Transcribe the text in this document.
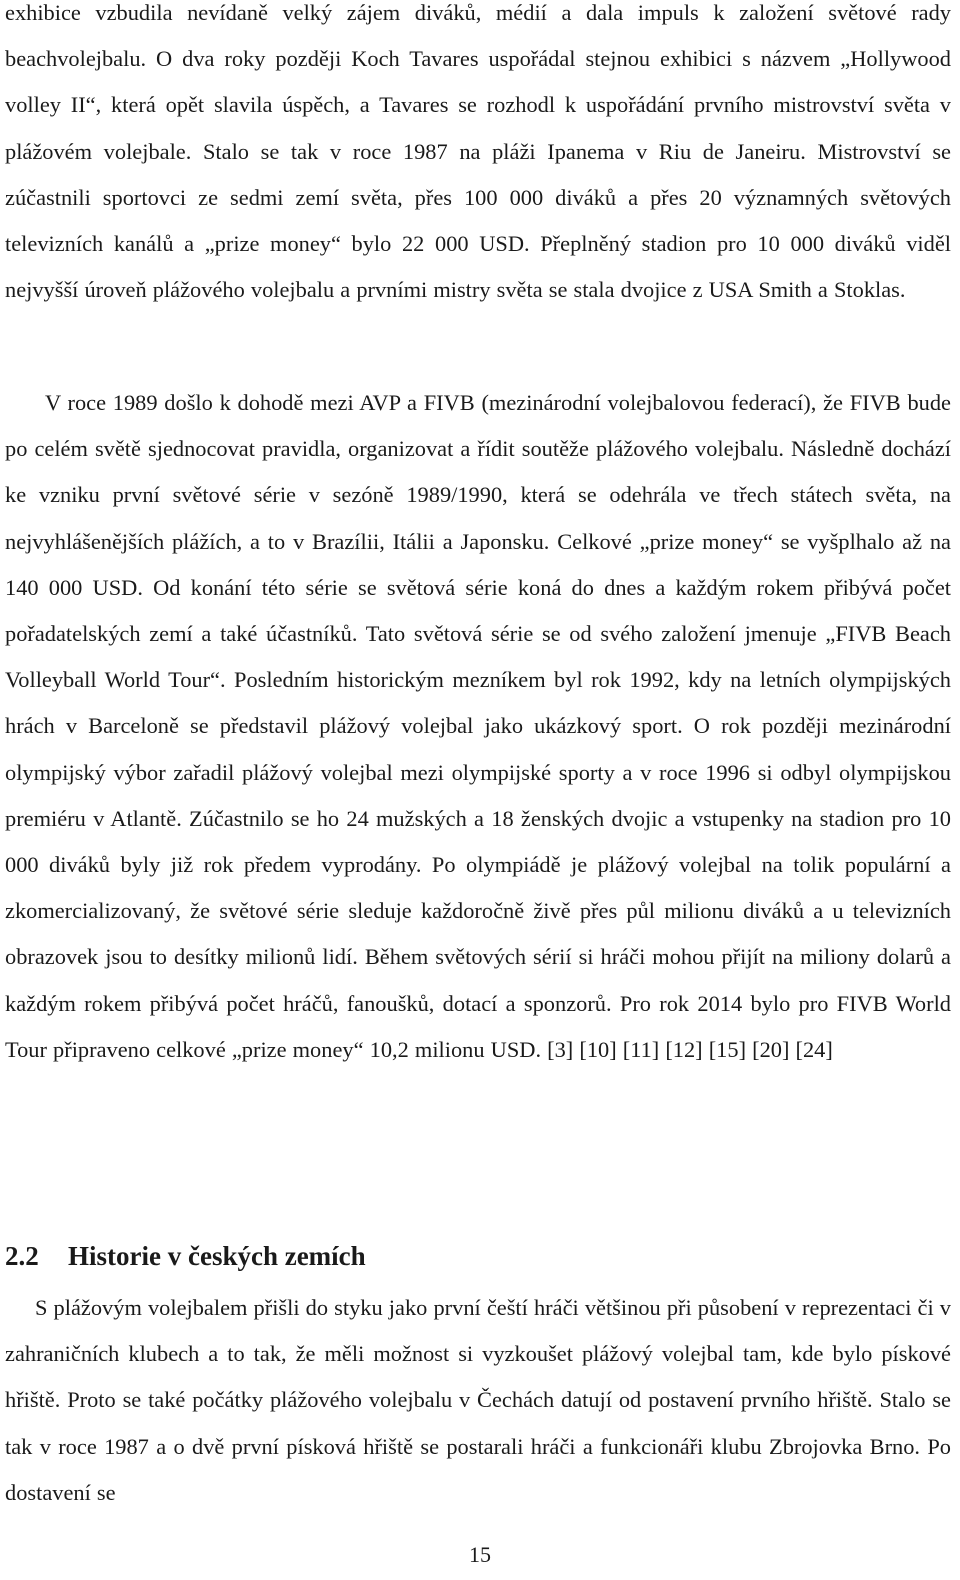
exhibice vzbudila nevídaně velký zájem diváků, médií a dala impuls k založení světové rady beachvolejbalu. O dva roky později Koch Tavares uspořádal stejnou exhibici s názvem „Hollywood volley II“, která opět slavila úspěch, a Tavares se rozhodl k uspořádání prvního mistrovství světa v plážovém volejbale. Stalo se tak v roce 1987 na pláži Ipanema v Riu de Janeiru. Mistrovství se zúčastnili sportovci ze sedmi zemí světa, přes 100 000 diváků a přes 20 významných světových televizních kanálů a „prize money“ bylo 22 000 USD. Přeplněný stadion pro 10 000 diváků viděl nejvyšší úroveň plážového volejbalu a prvními mistry světa se stala dvojice z USA Smith a Stoklas.

V roce 1989 došlo k dohodě mezi AVP a FIVB (mezinárodní volejbalovou federací), že FIVB bude po celém světě sjednocovat pravidla, organizovat a řídit soutěže plážového volejbalu. Následně dochází ke vzniku první světové série v sezóně 1989/1990, která se odehrála ve třech státech světa, na nejvyhlášenějších plážích, a to v Brazílii, Itálii a Japonsku. Celkové „prize money“ se vyšplhalo až na 140 000 USD. Od konání této série se světová série koná do dnes a každým rokem přibývá počet pořadatelských zemí a také účastníků. Tato světová série se od svého založení jmenuje „FIVB Beach Volleyball World Tour“. Posledním historickým mezníkem byl rok 1992, kdy na letních olympijských hrách v Barceloně se představil plážový volejbal jako ukázkový sport. O rok později mezinárodní olympijský výbor zařadil plážový volejbal mezi olympijské sporty a v roce 1996 si odbyl olympijskou premiéru v Atlantě. Zúčastnilo se ho 24 mužských a 18 ženských dvojic a vstupenky na stadion pro 10 000 diváků byly již rok předem vyprodány. Po olympiádě je plážový volejbal na tolik populární a zkomercializovaný, že světové série sleduje každoročně živě přes půl milionu diváků a u televizních obrazovek jsou to desítky milionů lidí. Během světových sérií si hráči mohou přijít na miliony dolarů a každým rokem přibývá počet hráčů, fanoušků, dotací a sponzorů. Pro rok 2014 bylo pro FIVB World Tour připraveno celkové „prize money“ 10,2 milionu USD. [3] [10] [11] [12] [15] [20] [24]

2.2 Historie v českých zemích

S plážovým volejbalem přišli do styku jako první čeští hráči většinou při působení v reprezentaci či v zahraničních klubech a to tak, že měli možnost si vyzkoušet plážový volejbal tam, kde bylo pískové hřiště. Proto se také počátky plážového volejbalu v Čechách datují od postavení prvního hřiště. Stalo se tak v roce 1987 a o dvě první písková hřiště se postarali hráči a funkcionáři klubu Zbrojovka Brno. Po dostavení se

15
